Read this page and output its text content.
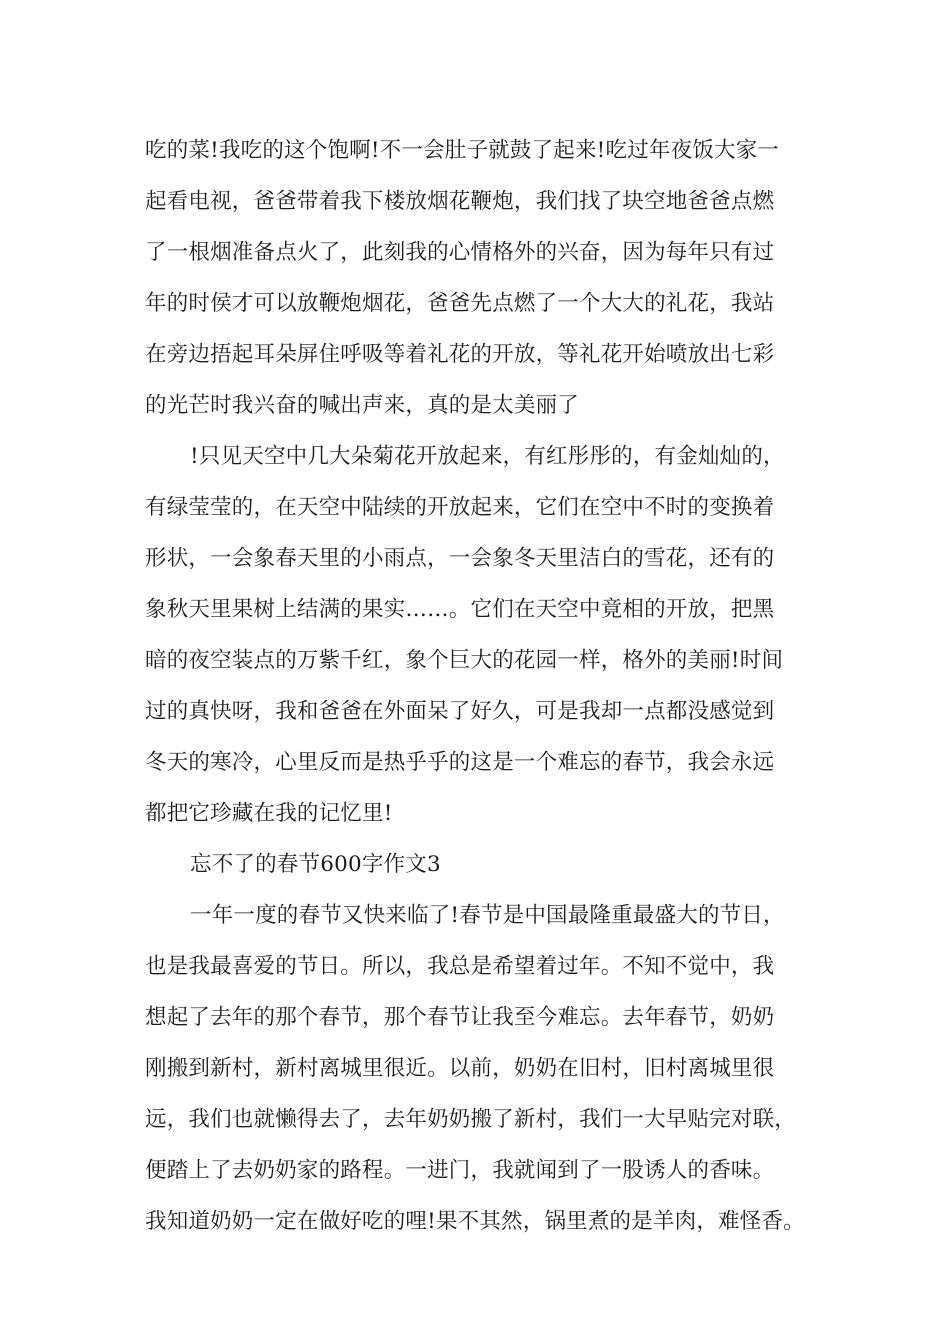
吃的菜!我吃的这个饱啊!不一会肚子就鼓了起来!吃过年夜饭大家一
起看电视，爸爸带着我下楼放烟花鞭炮，我们找了块空地爸爸点燃
了一根烟准备点火了，此刻我的心情格外的兴奋，因为每年只有过
年的时侯才可以放鞭炮烟花，爸爸先点燃了一个大大的礼花，我站
在旁边捂起耳朵屏住呼吸等着礼花的开放，等礼花开始喷放出七彩
的光芒时我兴奋的喊出声来，真的是太美丽了
!只见天空中几大朵菊花开放起来，有红彤彤的，有金灿灿的，
有绿莹莹的，在天空中陆续的开放起来，它们在空中不时的变换着
形状，一会象春天里的小雨点，一会象冬天里洁白的雪花，还有的
象秋天里果树上结满的果实……。它们在天空中竟相的开放，把黑
暗的夜空装点的万紫千红，象个巨大的花园一样，格外的美丽!时间
过的真快呀，我和爸爸在外面呆了好久，可是我却一点都没感觉到
冬天的寒冷，心里反而是热乎乎的这是一个难忘的春节，我会永远
都把它珍藏在我的记忆里!
忘不了的春节600字作文3
一年一度的春节又快来临了!春节是中国最隆重最盛大的节日，
也是我最喜爱的节日。所以，我总是希望着过年。不知不觉中，我
想起了去年的那个春节，那个春节让我至今难忘。去年春节，奶奶
刚搬到新村，新村离城里很近。以前，奶奶在旧村，旧村离城里很
远，我们也就懒得去了，去年奶奶搬了新村，我们一大早贴完对联，
便踏上了去奶奶家的路程。一进门，我就闻到了一股诱人的香味。
我知道奶奶一定在做好吃的哩!果不其然，锅里煮的是羊肉，难怪香。
